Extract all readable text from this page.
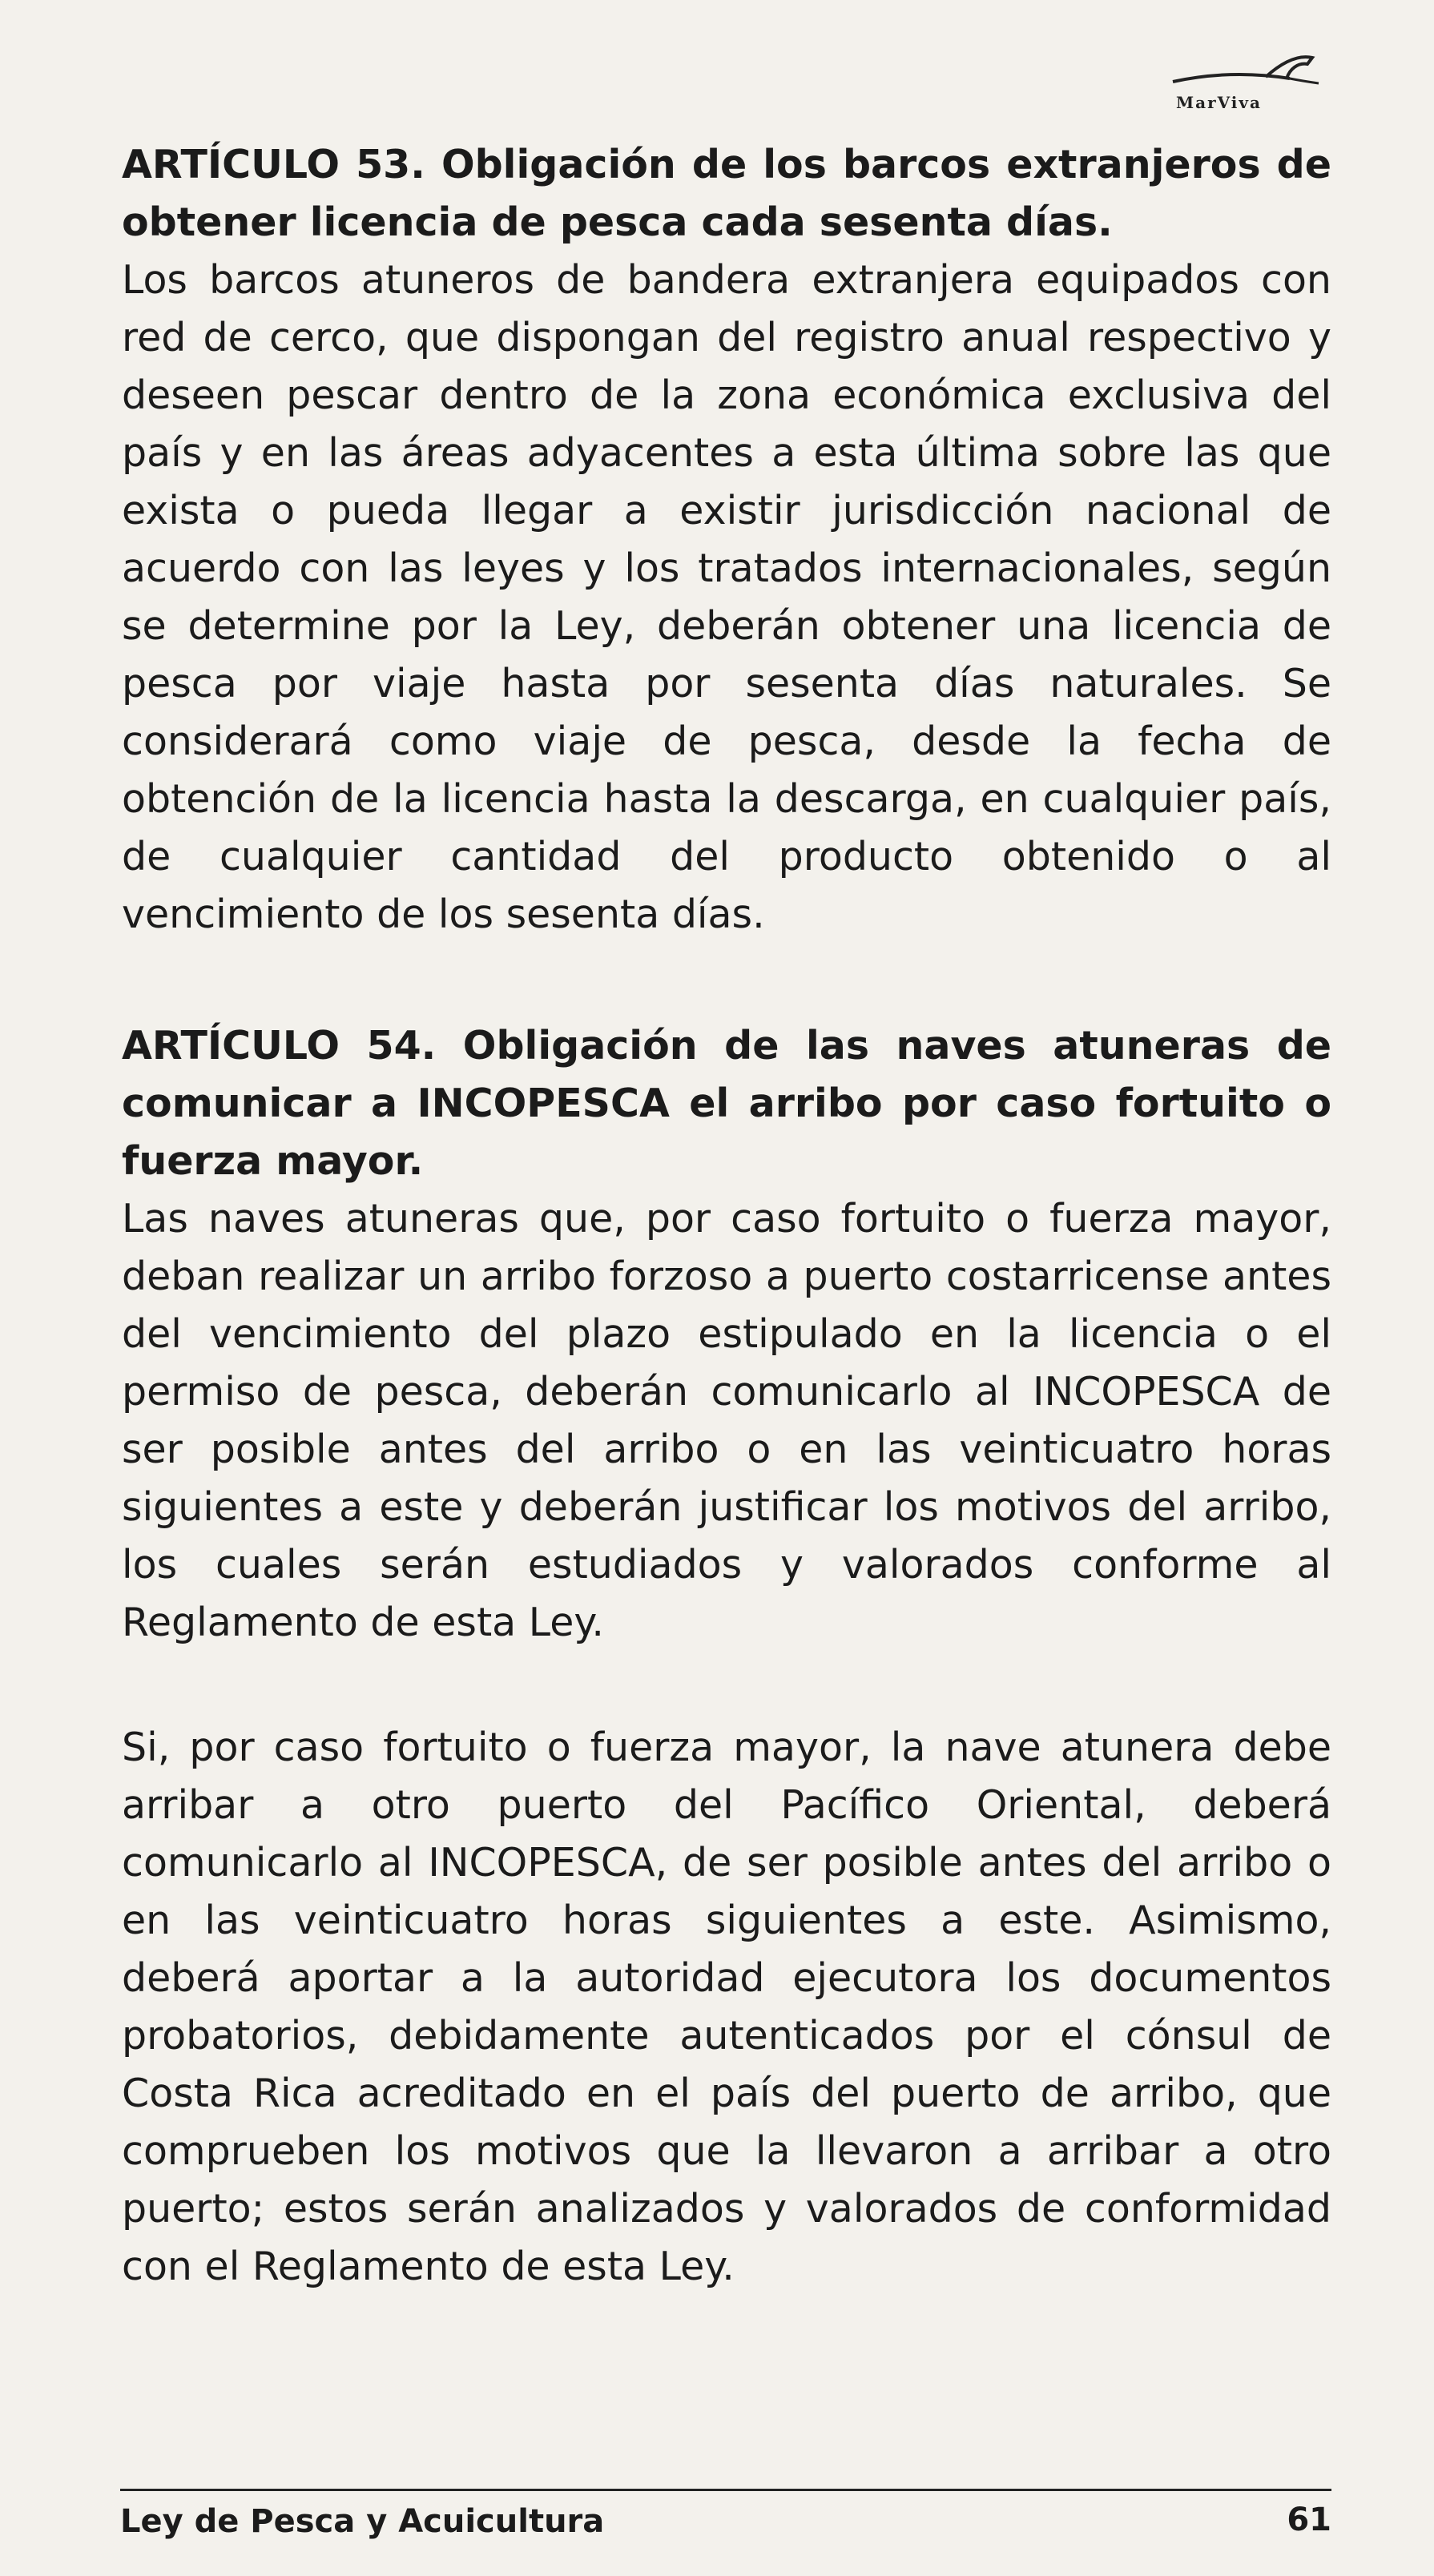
MarViva
ARTÍCULO 53. Obligación de los barcos extranjeros de obtener licencia de pesca cada sesenta días.
Los barcos atuneros de bandera extranjera equipados con red de cerco, que dispongan del registro anual respectivo y deseen pescar dentro de la zona económica exclusiva del país y en las áreas adyacentes a esta última sobre las que exista o pueda llegar a existir jurisdicción nacional de acuerdo con las leyes y los tratados internacionales, según se determine por la Ley, deberán obtener una licencia de pesca por viaje hasta por sesenta días naturales. Se considerará como viaje de pesca, desde la fecha de obtención de la licencia hasta la descarga, en cualquier país, de cualquier cantidad del producto obtenido o al vencimiento de los sesenta días.
ARTÍCULO 54. Obligación de las naves atuneras de comunicar a INCOPESCA el arribo por caso fortuito o fuerza mayor.
Las naves atuneras que, por caso fortuito o fuerza mayor, deban realizar un arribo forzoso a puerto costarricense antes del vencimiento del plazo estipulado en la licencia o el permiso de pesca, deberán comunicarlo al INCOPESCA de ser posible antes del arribo o en las veinticuatro horas siguientes a este y deberán justificar los motivos del arribo, los cuales serán estudiados y valorados conforme al Reglamento de esta Ley.
Si, por caso fortuito o fuerza mayor, la nave atunera debe arribar a otro puerto del Pacífico Oriental, deberá comunicarlo al INCOPESCA, de ser posible antes del arribo o en las veinticuatro horas siguientes a este. Asimismo, deberá aportar a la autoridad ejecutora los documentos probatorios, debidamente autenticados por el cónsul de Costa Rica acreditado en el país del puerto de arribo, que comprueben los motivos que la llevaron a arribar a otro puerto; estos serán analizados y valorados de conformidad con el Reglamento de esta Ley.
Ley de Pesca y Acuicultura	61
